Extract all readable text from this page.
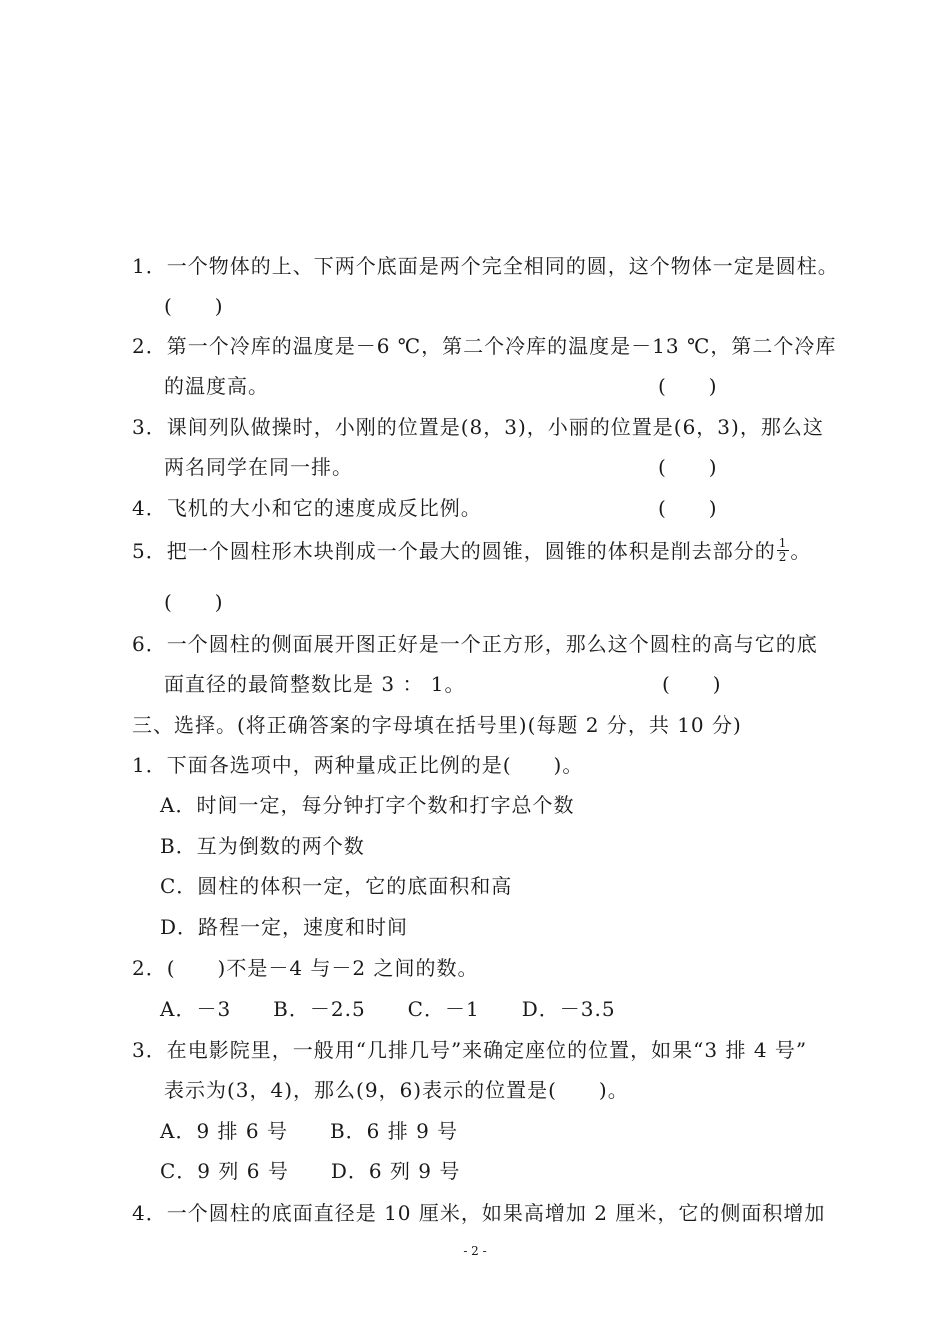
1．一个物体的上、下两个底面是两个完全相同的圆，这个物体一定是圆柱。
(　　)
2．第一个冷库的温度是－6 ℃，第二个冷库的温度是－13 ℃，第二个冷库
的温度高。	(　　)
3．课间列队做操时，小刚的位置是(8，3)，小丽的位置是(6，3)，那么这
两名同学在同一排。	(　　)
4．飞机的大小和它的速度成反比例。	(　　)
5．把一个圆柱形木块削成一个最大的圆锥，圆锥的体积是削去部分的 $\frac{1}{2}$ 。
(　　)
6．一个圆柱的侧面展开图正好是一个正方形，那么这个圆柱的高与它的底
面直径的最简整数比是 3 ： 1。	(　　)
三、选择。(将正确答案的字母填在括号里)(每题 2 分，共 10 分)
1．下面各选项中，两种量成正比例的是(　　)。
A．时间一定，每分钟打字个数和打字总个数
B．互为倒数的两个数
C．圆柱的体积一定，它的底面积和高
D．路程一定，速度和时间
2．(　　)不是－4 与－2 之间的数。
A．－3　　B．－2.5　　C．－1　　D．－3.5
3．在电影院里，一般用“几排几号”来确定座位的位置，如果“3 排 4 号”
表示为(3，4)，那么(9，6)表示的位置是(　　)。
A．9 排 6 号　　B．6 排 9 号
C．9 列 6 号　　D．6 列 9 号
4．一个圆柱的底面直径是 10 厘米，如果高增加 2 厘米，它的侧面积增加
- 2 -
